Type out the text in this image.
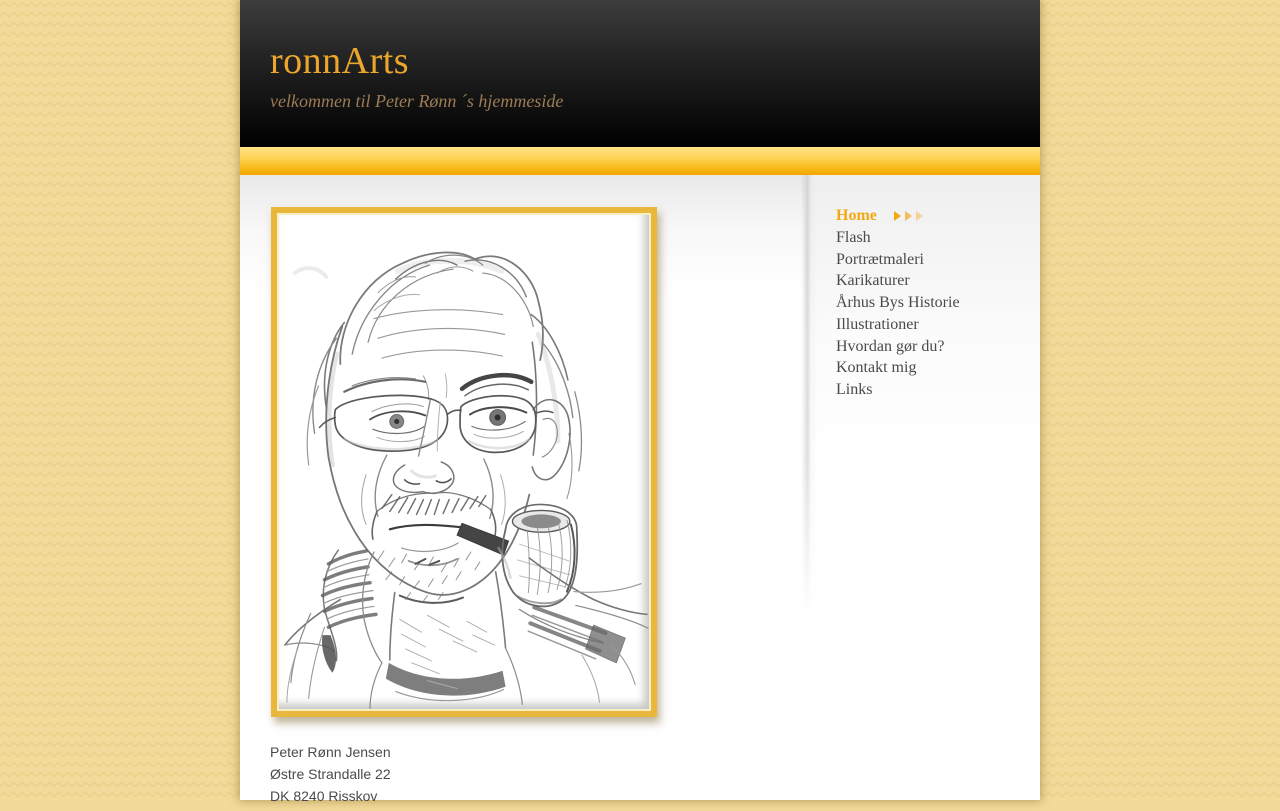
ronnArts

velkommen til Peter Rønn ´s hjemmeside

Peter Rønn Jensen

Østre Strandalle 22

DK 8240 Risskov

Home
Flash
Portrætmaleri
Karikaturer
Århus Bys Historie
Illustrationer
Hvordan gør du?
Kontakt mig
Links
